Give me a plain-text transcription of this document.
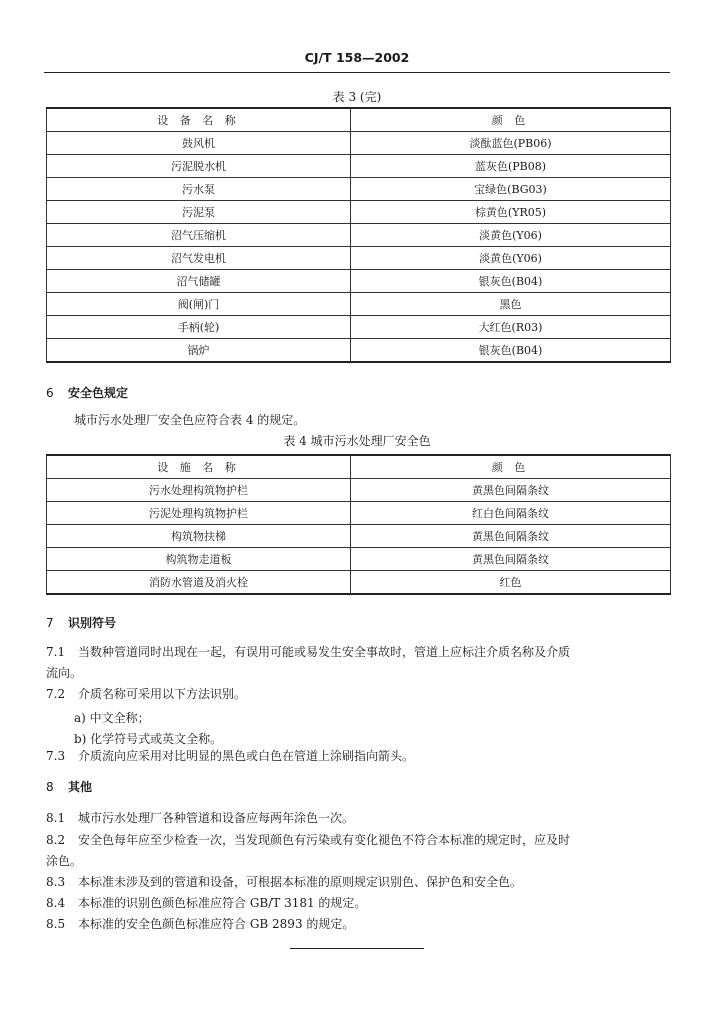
CJ/T 158—2002
表 3 (完)
设 备 名 称	颜 色
鼓风机	淡酞蓝色(PB06)
污泥脱水机	蓝灰色(PB08)
污水泵	宝绿色(BG03)
污泥泵	棕黄色(YR05)
沼气压缩机	淡黄色(Y06)
沼气发电机	淡黄色(Y06)
沼气储罐	银灰色(B04)
阀(闸)门	黑色
手柄(轮)	大红色(R03)
锅炉	银灰色(B04)
6 安全色规定
城市污水处理厂安全色应符合表 4 的规定。
表 4 城市污水处理厂安全色
设 施 名 称	颜 色
污水处理构筑物护栏	黄黑色间隔条纹
污泥处理构筑物护栏	红白色间隔条纹
构筑物扶梯	黄黑色间隔条纹
构筑物走道板	黄黑色间隔条纹
消防水管道及消火栓	红色
7 识别符号
7.1 当数种管道同时出现在一起，有误用可能或易发生安全事故时，管道上应标注介质名称及介质
流向。
7.2 介质名称可采用以下方法识别。
a) 中文全称；
b) 化学符号式或英文全称。
7.3 介质流向应采用对比明显的黑色或白色在管道上涂刷指向箭头。
8 其他
8.1 城市污水处理厂各种管道和设备应每两年涂色一次。
8.2 安全色每年应至少检查一次，当发现颜色有污染或有变化褪色不符合本标准的规定时，应及时
涂色。
8.3 本标准未涉及到的管道和设备，可根据本标准的原则规定识别色、保护色和安全色。
8.4 本标准的识别色颜色标准应符合 GB/T 3181 的规定。
8.5 本标准的安全色颜色标准应符合 GB 2893 的规定。
